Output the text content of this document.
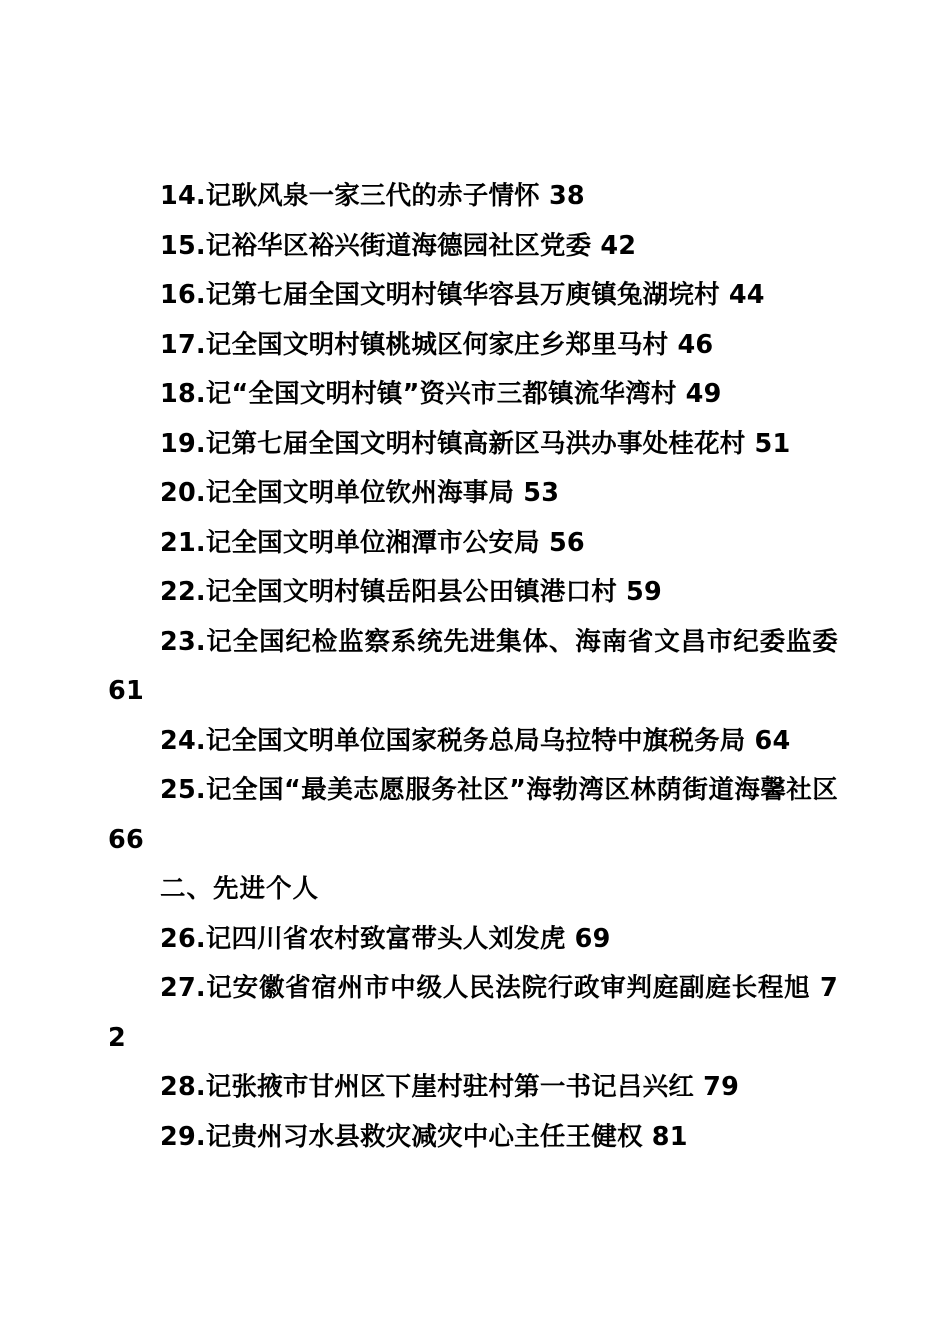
14.记耿风泉一家三代的赤子情怀 38
15.记裕华区裕兴街道海德园社区党委 42
16.记第七届全国文明村镇华容县万庾镇兔湖垸村 44
17.记全国文明村镇桃城区何家庄乡郑里马村 46
18.记“全国文明村镇”资兴市三都镇流华湾村 49
19.记第七届全国文明村镇高新区马洪办事处桂花村 51
20.记全国文明单位钦州海事局 53
21.记全国文明单位湘潭市公安局 56
22.记全国文明村镇岳阳县公田镇港口村 59
23.记全国纪检监察系统先进集体、海南省文昌市纪委监委 61
24.记全国文明单位国家税务总局乌拉特中旗税务局 64
25.记全国“最美志愿服务社区”海勃湾区林荫街道海馨社区 66
二、先进个人
26.记四川省农村致富带头人刘发虎 69
27.记安徽省宿州市中级人民法院行政审判庭副庭长程旭 72
28.记张掖市甘州区下崖村驻村第一书记吕兴红 79
29.记贵州习水县救灾减灾中心主任王健权 81
